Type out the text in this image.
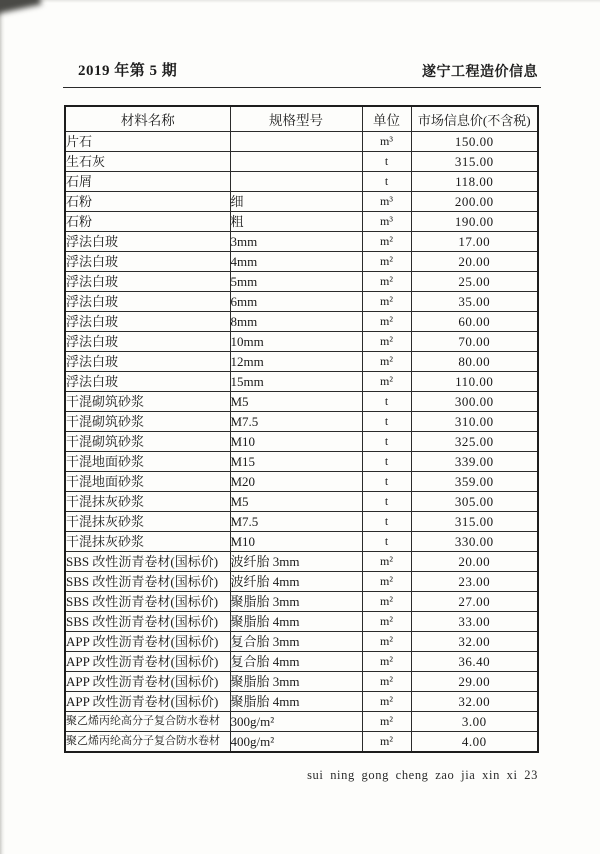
2019 年第 5 期	遂宁工程造价信息
材料名称	规格型号	单位	市场信息价(不含税)
片石		m³	150.00
生石灰		t	315.00
石屑		t	118.00
石粉	细	m³	200.00
石粉	粗	m³	190.00
浮法白玻	3mm	m²	17.00
浮法白玻	4mm	m²	20.00
浮法白玻	5mm	m²	25.00
浮法白玻	6mm	m²	35.00
浮法白玻	8mm	m²	60.00
浮法白玻	10mm	m²	70.00
浮法白玻	12mm	m²	80.00
浮法白玻	15mm	m²	110.00
干混砌筑砂浆	M5	t	300.00
干混砌筑砂浆	M7.5	t	310.00
干混砌筑砂浆	M10	t	325.00
干混地面砂浆	M15	t	339.00
干混地面砂浆	M20	t	359.00
干混抹灰砂浆	M5	t	305.00
干混抹灰砂浆	M7.5	t	315.00
干混抹灰砂浆	M10	t	330.00
SBS 改性沥青卷材(国标价)	波纤胎 3mm	m²	20.00
SBS 改性沥青卷材(国标价)	波纤胎 4mm	m²	23.00
SBS 改性沥青卷材(国标价)	聚脂胎 3mm	m²	27.00
SBS 改性沥青卷材(国标价)	聚脂胎 4mm	m²	33.00
APP 改性沥青卷材(国标价)	复合胎 3mm	m²	32.00
APP 改性沥青卷材(国标价)	复合胎 4mm	m²	36.40
APP 改性沥青卷材(国标价)	聚脂胎 3mm	m²	29.00
APP 改性沥青卷材(国标价)	聚脂胎 4mm	m²	32.00
聚乙烯丙纶高分子复合防水卷材	300g/m²	m²	3.00
聚乙烯丙纶高分子复合防水卷材	400g/m²	m²	4.00
sui ning gong cheng zao jia xin xi 23
